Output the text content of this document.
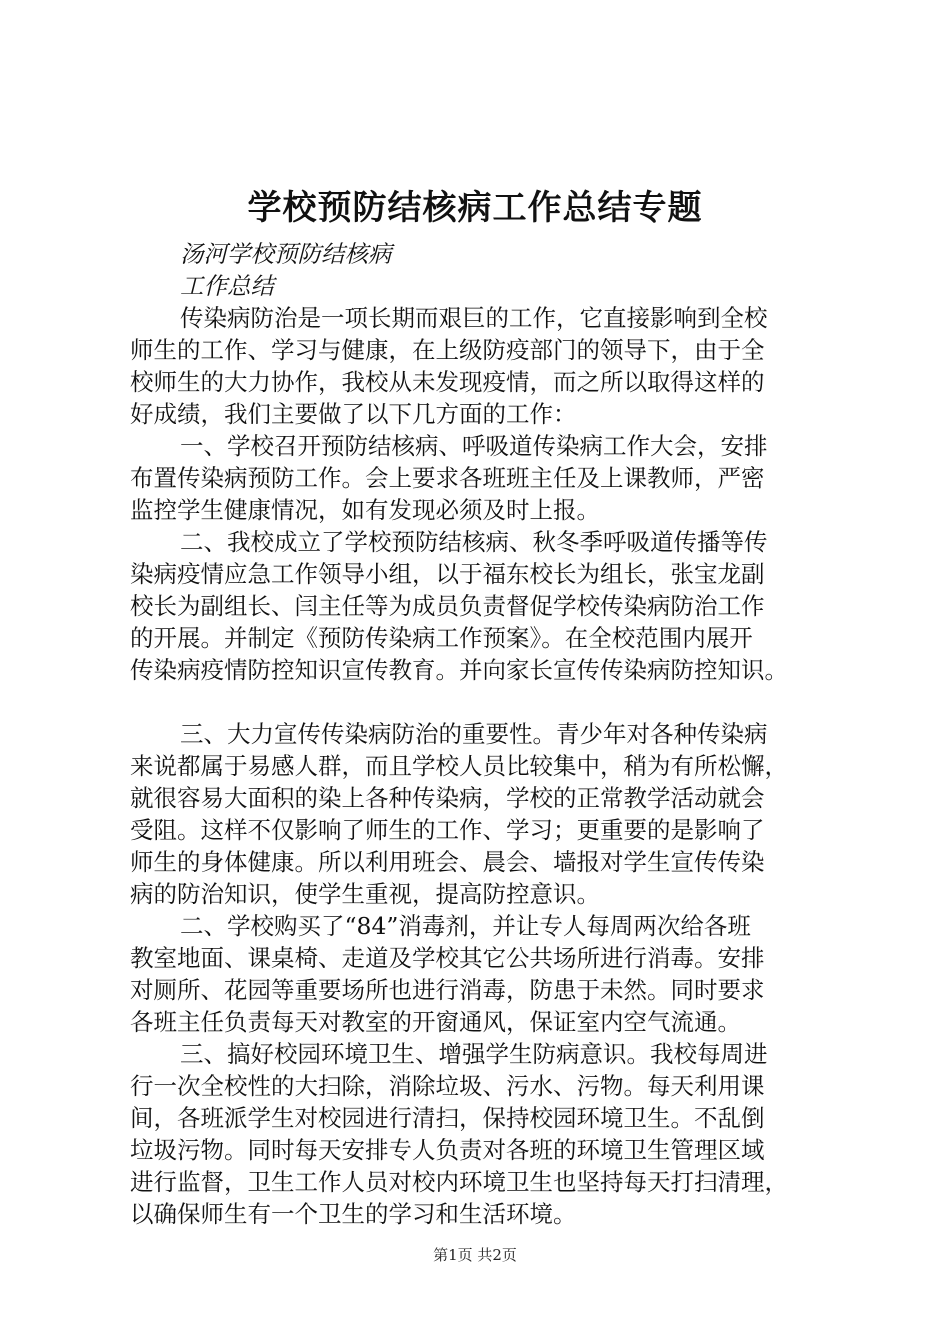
学校预防结核病工作总结专题
汤河学校预防结核病
工作总结
传染病防治是一项长期而艰巨的工作，它直接影响到全校
师生的工作、学习与健康，在上级防疫部门的领导下，由于全
校师生的大力协作，我校从未发现疫情，而之所以取得这样的
好成绩，我们主要做了以下几方面的工作：
一、学校召开预防结核病、呼吸道传染病工作大会，安排
布置传染病预防工作。会上要求各班班主任及上课教师，严密
监控学生健康情况，如有发现必须及时上报。
二、我校成立了学校预防结核病、秋冬季呼吸道传播等传
染病疫情应急工作领导小组，以于福东校长为组长，张宝龙副
校长为副组长、闫主任等为成员负责督促学校传染病防治工作
的开展。并制定《预防传染病工作预案》。在全校范围内展开
传染病疫情防控知识宣传教育。并向家长宣传传染病防控知识。
三、大力宣传传染病防治的重要性。青少年对各种传染病
来说都属于易感人群，而且学校人员比较集中，稍为有所松懈，
就很容易大面积的染上各种传染病，学校的正常教学活动就会
受阻。这样不仅影响了师生的工作、学习；更重要的是影响了
师生的身体健康。所以利用班会、晨会、墙报对学生宣传传染
病的防治知识，使学生重视，提高防控意识。
二、学校购买了“84”消毒剂，并让专人每周两次给各班
教室地面、课桌椅、走道及学校其它公共场所进行消毒。安排
对厕所、花园等重要场所也进行消毒，防患于未然。同时要求
各班主任负责每天对教室的开窗通风，保证室内空气流通。
三、搞好校园环境卫生、增强学生防病意识。我校每周进
行一次全校性的大扫除，消除垃圾、污水、污物。每天利用课
间，各班派学生对校园进行清扫，保持校园环境卫生。不乱倒
垃圾污物。同时每天安排专人负责对各班的环境卫生管理区域
进行监督，卫生工作人员对校内环境卫生也坚持每天打扫清理，
以确保师生有一个卫生的学习和生活环境。
第1页 共2页
